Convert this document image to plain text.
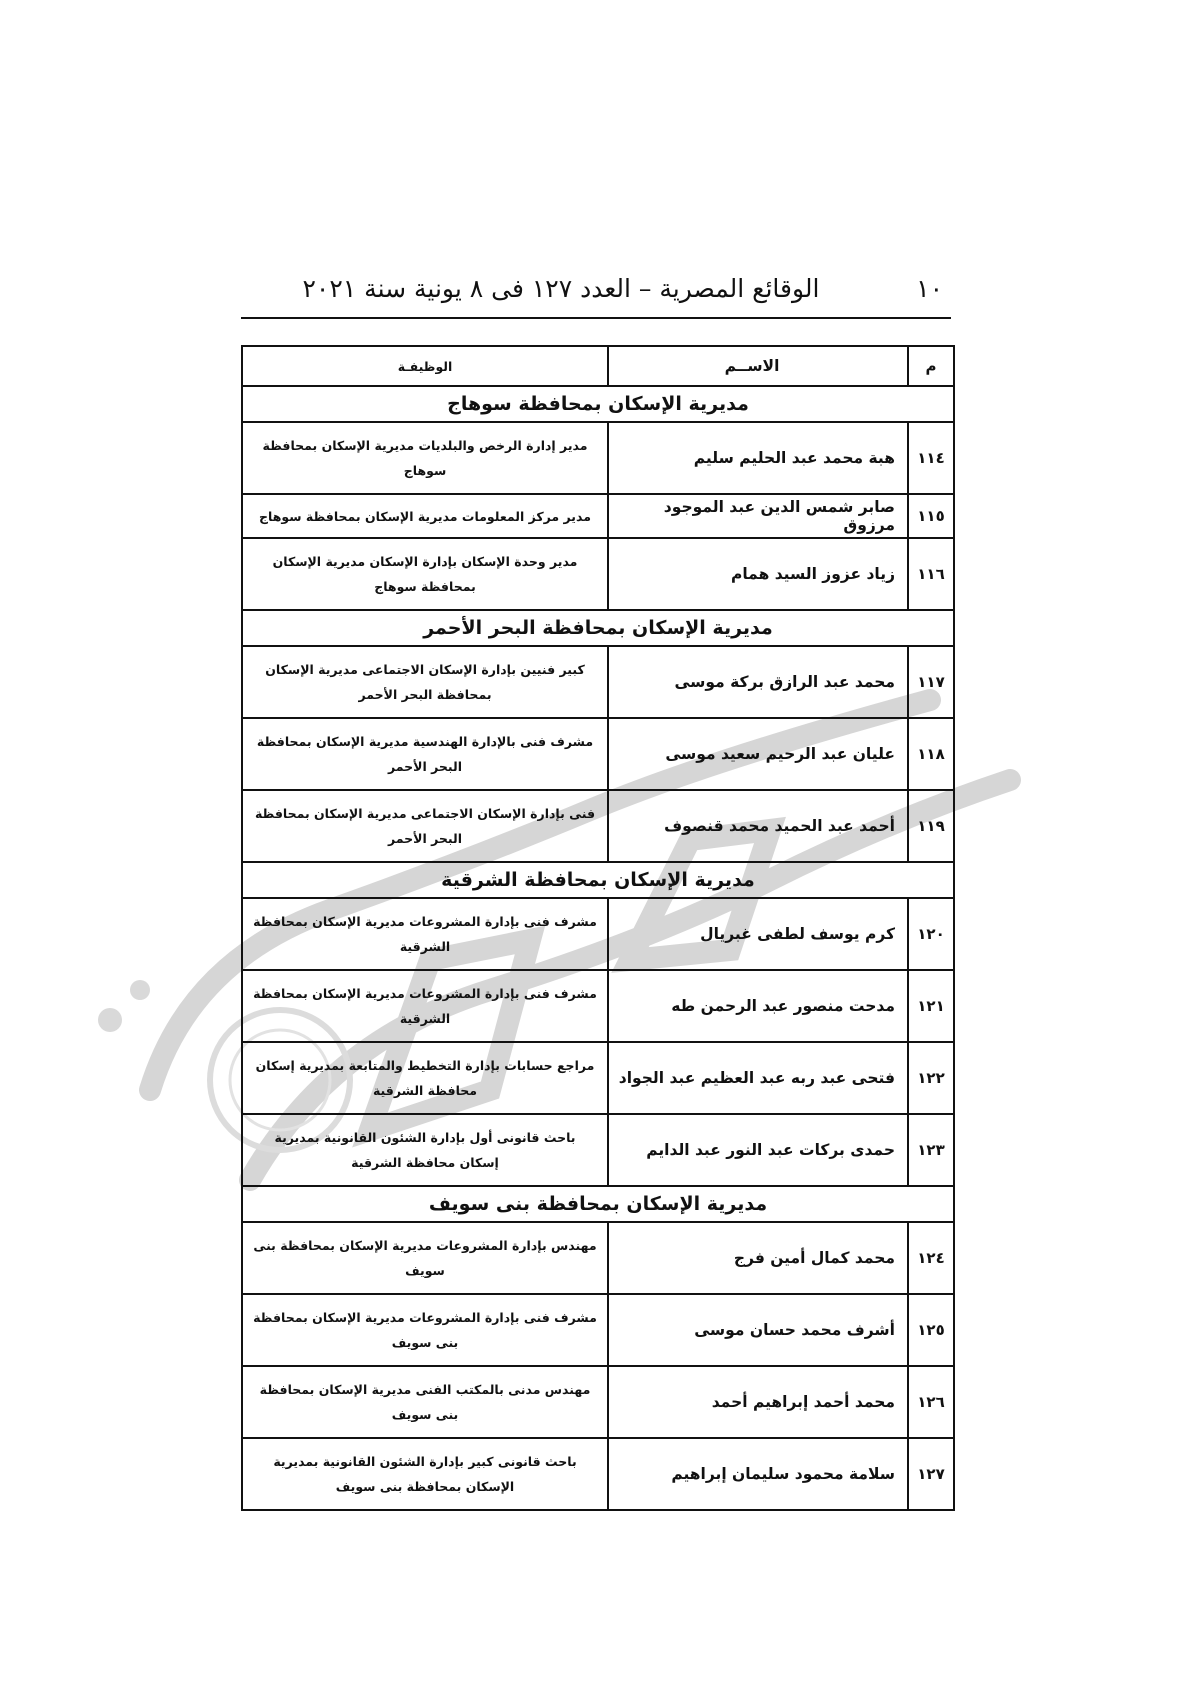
١٠
الوقائع المصرية – العدد ١٢٧ فى ٨ يونية سنة ٢٠٢١
م	الاســم	الوظيفـة
مديرية الإسكان بمحافظة سوهاج		
١١٤	هبة محمد عبد الحليم سليم	مدير إدارة الرخص والبلديات مديرية الإسكان بمحافظة سوهاج
١١٥	صابر شمس الدين عبد الموجود مرزوق	مدير مركز المعلومات مديرية الإسكان بمحافظة سوهاج
١١٦	زياد عزوز السيد همام	مدير وحدة الإسكان بإدارة الإسكان مديرية الإسكان بمحافظة سوهاج
مديرية الإسكان بمحافظة البحر الأحمر		
١١٧	محمد عبد الرازق بركة موسى	كبير فنيين بإدارة الإسكان الاجتماعى مديرية الإسكان بمحافظة البحر الأحمر
١١٨	عليان عبد الرحيم سعيد موسى	مشرف فنى بالإدارة الهندسية مديرية الإسكان بمحافظة البحر الأحمر
١١٩	أحمد عبد الحميد محمد قنصوف	فنى بإدارة الإسكان الاجتماعى مديرية الإسكان بمحافظة البحر الأحمر
مديرية الإسكان بمحافظة الشرقية		
١٢٠	كرم يوسف لطفى غبريال	مشرف فنى بإدارة المشروعات مديرية الإسكان بمحافظة الشرقية
١٢١	مدحت منصور عبد الرحمن طه	مشرف فنى بإدارة المشروعات مديرية الإسكان بمحافظة الشرقية
١٢٢	فتحى عبد ربه عبد العظيم عبد الجواد	مراجع حسابات بإدارة التخطيط والمتابعة بمديرية إسكان محافظة الشرقية
١٢٣	حمدى بركات عبد النور عبد الدايم	باحث قانونى أول بإدارة الشئون القانونية بمديرية إسكان محافظة الشرقية
مديرية الإسكان بمحافظة بنى سويف		
١٢٤	محمد كمال أمين فرج	مهندس بإدارة المشروعات مديرية الإسكان بمحافظة بنى سويف
١٢٥	أشرف محمد حسان موسى	مشرف فنى بإدارة المشروعات مديرية الإسكان بمحافظة بنى سويف
١٢٦	محمد أحمد إبراهيم أحمد	مهندس مدنى بالمكتب الفنى مديرية الإسكان بمحافظة بنى سويف
١٢٧	سلامة محمود سليمان إبراهيم	باحث قانونى كبير بإدارة الشئون القانونية بمديرية الإسكان بمحافظة بنى سويف
